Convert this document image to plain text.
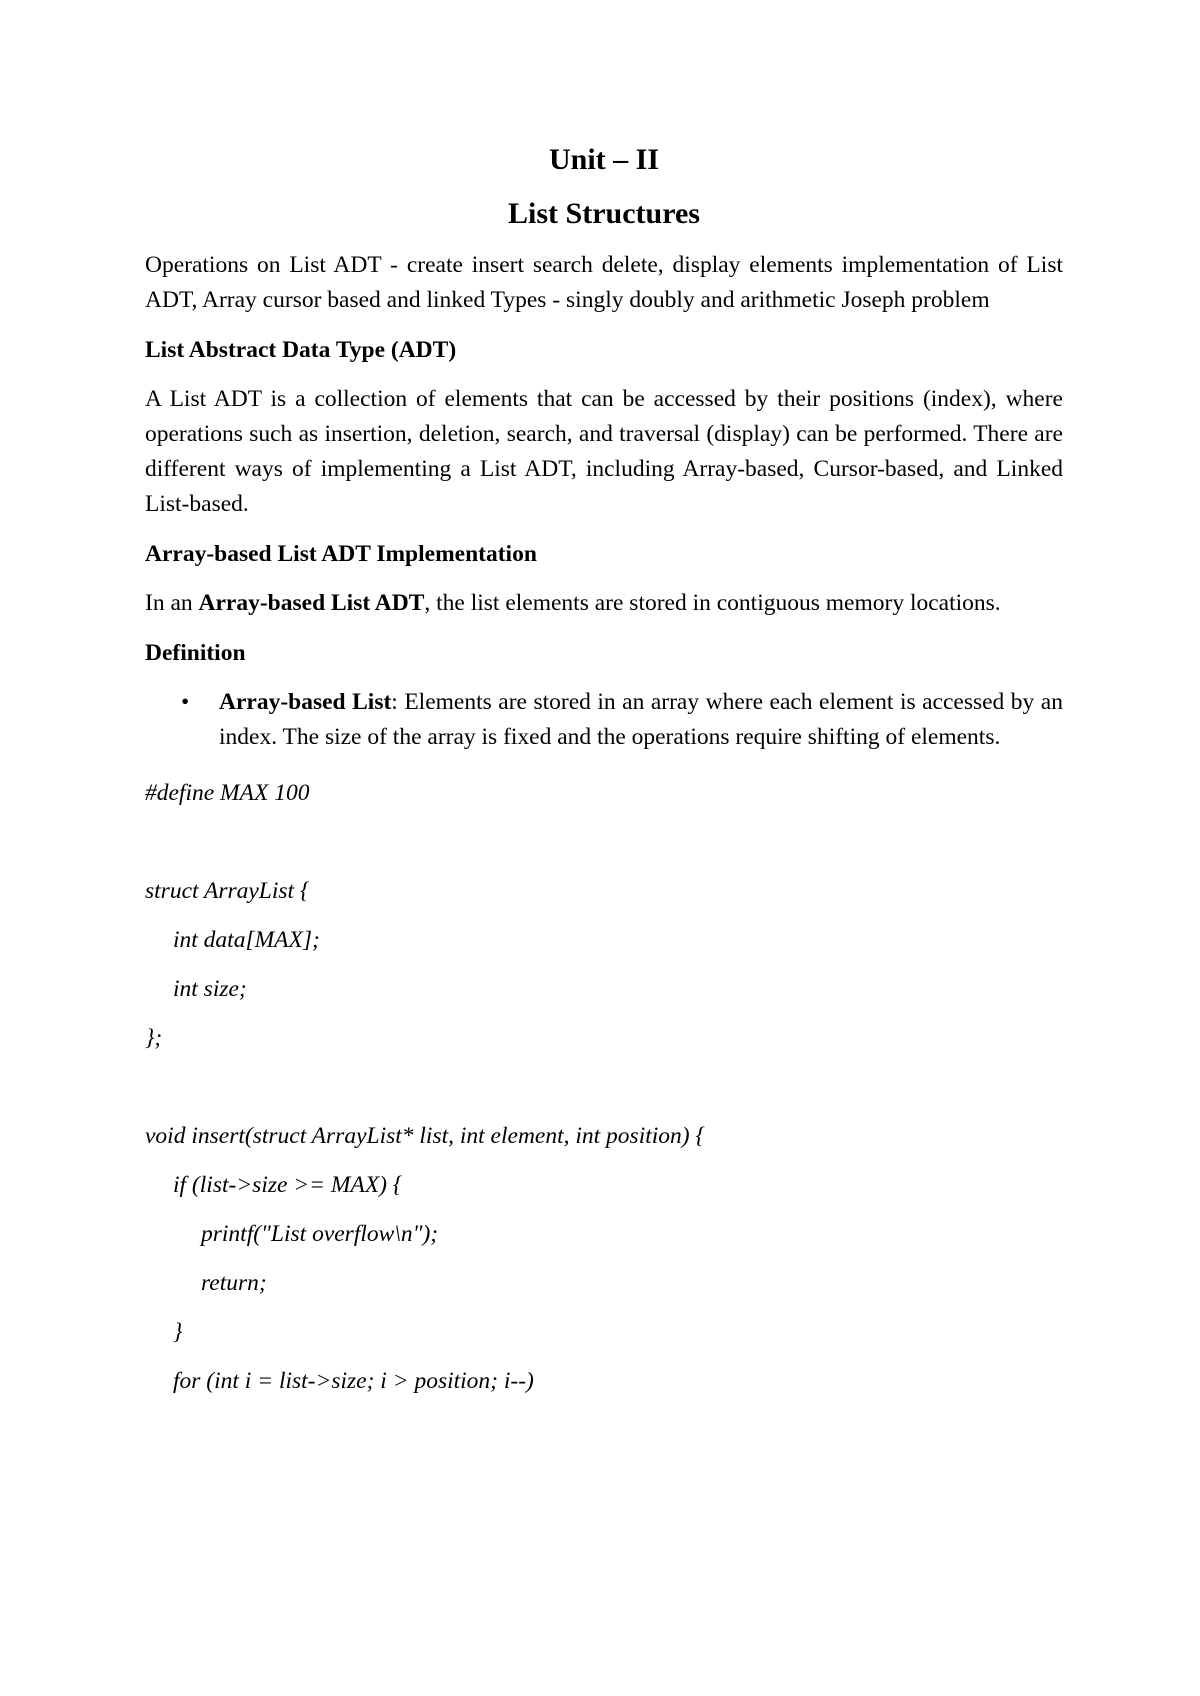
Unit – II
List Structures

Operations on List ADT - create insert search delete, display elements implementation of List ADT, Array cursor based and linked Types - singly doubly and arithmetic Joseph problem

List Abstract Data Type (ADT)

A List ADT is a collection of elements that can be accessed by their positions (index), where operations such as insertion, deletion, search, and traversal (display) can be performed. There are different ways of implementing a List ADT, including Array-based, Cursor-based, and Linked List-based.

Array-based List ADT Implementation

In an Array-based List ADT, the list elements are stored in contiguous memory locations.

Definition
• Array-based List: Elements are stored in an array where each element is accessed by an index. The size of the array is fixed and the operations require shifting of elements.
#define MAX 100
struct ArrayList {
int data[MAX];
int size;
};
void insert(struct ArrayList* list, int element, int position) {
if (list->size >= MAX) {
printf("List overflow\n");
return;
}
for (int i = list->size; i > position; i--)
